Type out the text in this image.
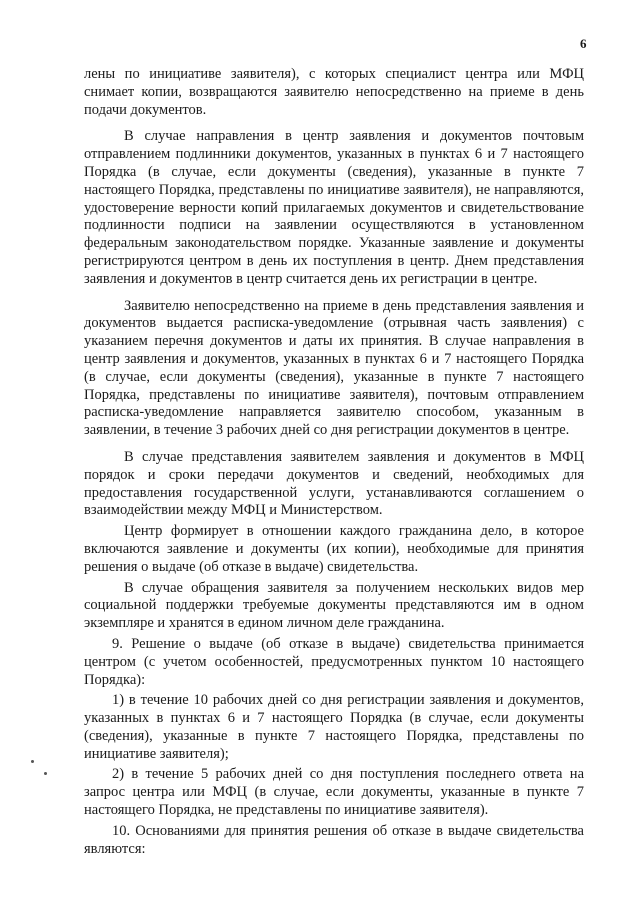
6

лены по инициативе заявителя), с которых специалист центра или МФЦ снимает копии, возвращаются заявителю непосредственно на приеме в день подачи документов.

В случае направления в центр заявления и документов почтовым отправлением подлинники документов, указанных в пунктах 6 и 7 настоящего Порядка (в случае, если документы (сведения), указанные в пункте 7 настоящего Порядка, представлены по инициативе заявителя), не направляются, удостоверение верности копий прилагаемых документов и свидетельствование подлинности подписи на заявлении осуществляются в установленном федеральным законодательством порядке. Указанные заявление и документы регистрируются центром в день их поступления в центр. Днем представления заявления и документов в центр считается день их регистрации в центре.

Заявителю непосредственно на приеме в день представления заявления и документов выдается расписка-уведомление (отрывная часть заявления) с указанием перечня документов и даты их принятия. В случае направления в центр заявления и документов, указанных в пунктах 6 и 7 настоящего Порядка (в случае, если документы (сведения), указанные в пункте 7 настоящего Порядка, представлены по инициативе заявителя), почтовым отправлением расписка-уведомление направляется заявителю способом, указанным в заявлении, в течение 3 рабочих дней со дня регистрации документов в центре.

В случае представления заявителем заявления и документов в МФЦ порядок и сроки передачи документов и сведений, необходимых для предоставления государственной услуги, устанавливаются соглашением о взаимодействии между МФЦ и Министерством.

Центр формирует в отношении каждого гражданина дело, в которое включаются заявление и документы (их копии), необходимые для принятия решения о выдаче (об отказе в выдаче) свидетельства.

В случае обращения заявителя за получением нескольких видов мер социальной поддержки требуемые документы представляются им в одном экземпляре и хранятся в едином личном деле гражданина.

9. Решение о выдаче (об отказе в выдаче) свидетельства принимается центром (с учетом особенностей, предусмотренных пунктом 10 настоящего Порядка):

1) в течение 10 рабочих дней со дня регистрации заявления и документов, указанных в пунктах 6 и 7 настоящего Порядка (в случае, если документы (сведения), указанные в пункте 7 настоящего Порядка, представлены по инициативе заявителя);

2) в течение 5 рабочих дней со дня поступления последнего ответа на запрос центра или МФЦ (в случае, если документы, указанные в пункте 7 настоящего Порядка, не представлены по инициативе заявителя).

10. Основаниями для принятия решения об отказе в выдаче свидетельства являются:
